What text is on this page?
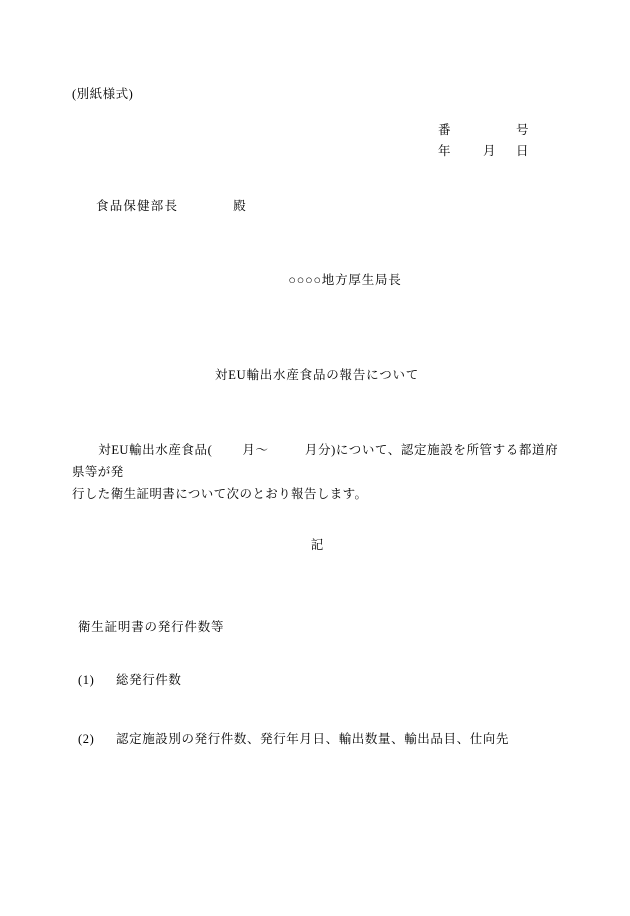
(別紙様式)
番	号
年	月 日
食品保健部長	殿
○○○○地方厚生局長
対EU輸出水産食品の報告について
対EU輸出水産食品( 月〜	月分)について、認定施設を所管する都道府県等が発
行した衛生証明書について次のとおり報告します。
記
衛生証明書の発行件数等
(1) 総発行件数
(2) 認定施設別の発行件数、発行年月日、輸出数量、輸出品目、仕向先
